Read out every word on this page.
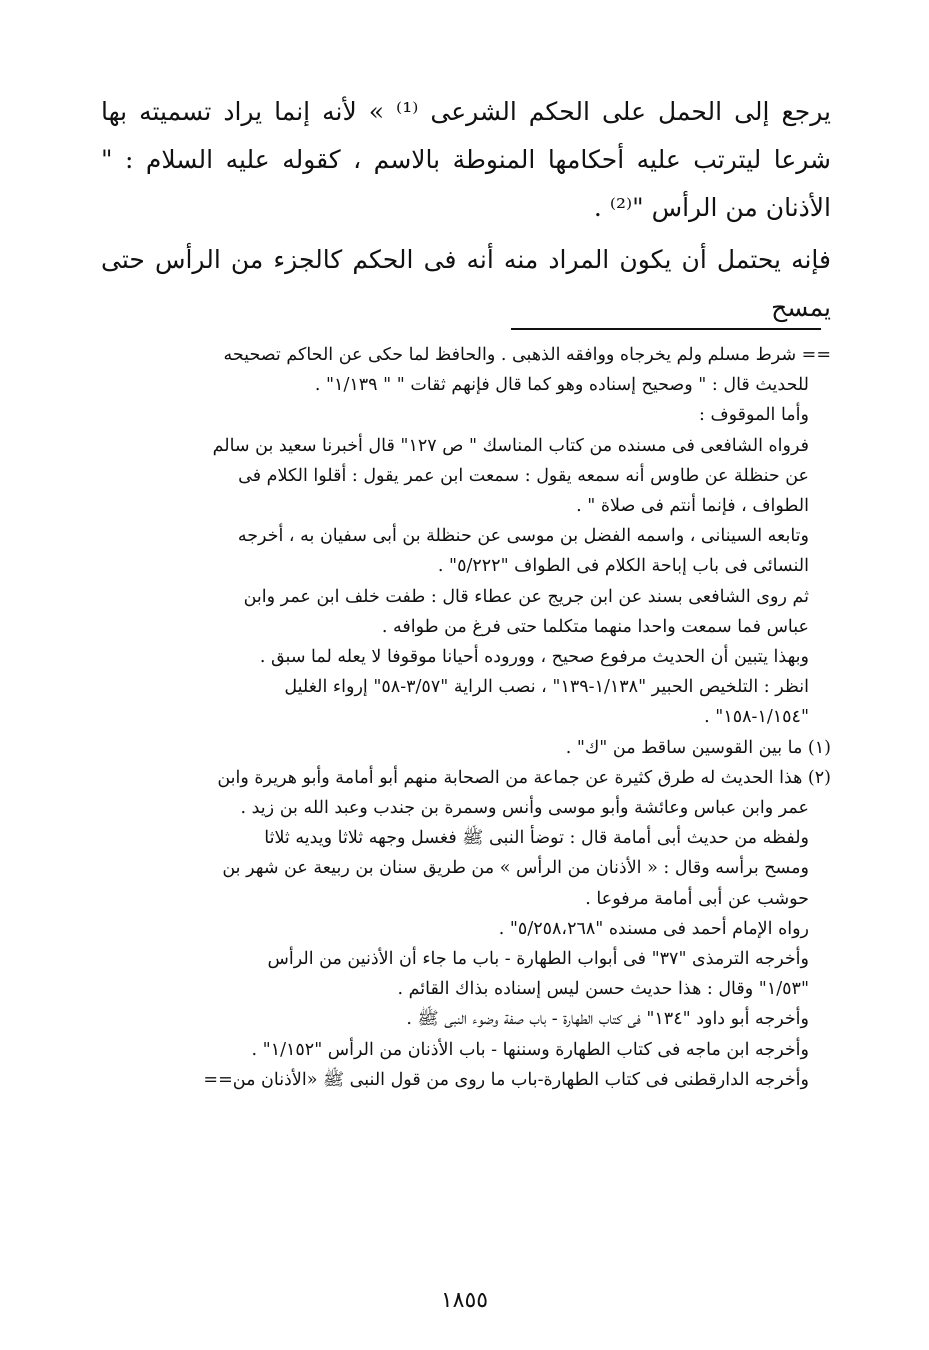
يرجع إلى الحمل على الحكم الشرعى ⁽¹⁾ » لأنه إنما يراد تسميته بها شرعا ليترتب عليه أحكامها المنوطة بالاسم ، كقوله عليه السلام : " الأذنان من الرأس "⁽²⁾ .

فإنه يحتمل أن يكون المراد منه أنه فى الحكم كالجزء من الرأس حتى يمسح

== شرط مسلم ولم يخرجاه ووافقه الذهبى . والحافظ لما حكى عن الحاكم تصحيحه
للحديث قال : " وصحيح إسناده وهو كما قال فإنهم ثقات " " ١/١٣٩" .
وأما الموقوف :
فرواه الشافعى فى مسنده من كتاب المناسك " ص ١٢٧" قال أخبرنا سعيد بن سالم
عن حنظلة عن طاوس أنه سمعه يقول : سمعت ابن عمر يقول : أقلوا الكلام فى
الطواف ، فإنما أنتم فى صلاة " .
وتابعه السينانى ، واسمه الفضل بن موسى عن حنظلة بن أبى سفيان به ، أخرجه
النسائى فى باب إباحة الكلام فى الطواف "٥/٢٢٢" .
ثم روى الشافعى بسند عن ابن جريج عن عطاء قال : طفت خلف ابن عمر وابن
عباس فما سمعت واحدا منهما متكلما حتى فرغ من طوافه .
وبهذا يتبين أن الحديث مرفوع صحيح ، ووروده أحيانا موقوفا لا يعله لما سبق .
انظر : التلخيص الحبير "١/١٣٨-١٣٩" ، نصب الراية "٣/٥٧-٥٨" إرواء الغليل
"١/١٥٤-١٥٨" .
(١) ما بين القوسين ساقط من "ك" .
(٢) هذا الحديث له طرق كثيرة عن جماعة من الصحابة منهم أبو أمامة وأبو هريرة وابن
عمر وابن عباس وعائشة وأبو موسى وأنس وسمرة بن جندب وعبد الله بن زيد .
ولفظه من حديث أبى أمامة قال : توضأ النبى ﷺ فغسل وجهه ثلاثا ويديه ثلاثا
ومسح برأسه وقال : « الأذنان من الرأس » من طريق سنان بن ربيعة عن شهر بن
حوشب عن أبى أمامة مرفوعا .
رواه الإمام أحمد فى مسنده "٥/٢٥٨،٢٦٨" .
وأخرجه الترمذى "٣٧" فى أبواب الطهارة - باب ما جاء أن الأذنين من الرأس
"١/٥٣" وقال : هذا حديث حسن ليس إسناده بذاك القائم .
وأخرجه أبو داود "١٣٤" فى كتاب الطهارة - باب صفة وضوء النبى ﷺ .
وأخرجه ابن ماجه فى كتاب الطهارة وسننها - باب الأذنان من الرأس "١/١٥٢" .
وأخرجه الدارقطنى فى كتاب الطهارة-باب ما روى من قول النبى ﷺ «الأذنان من==
١٨٥٥
